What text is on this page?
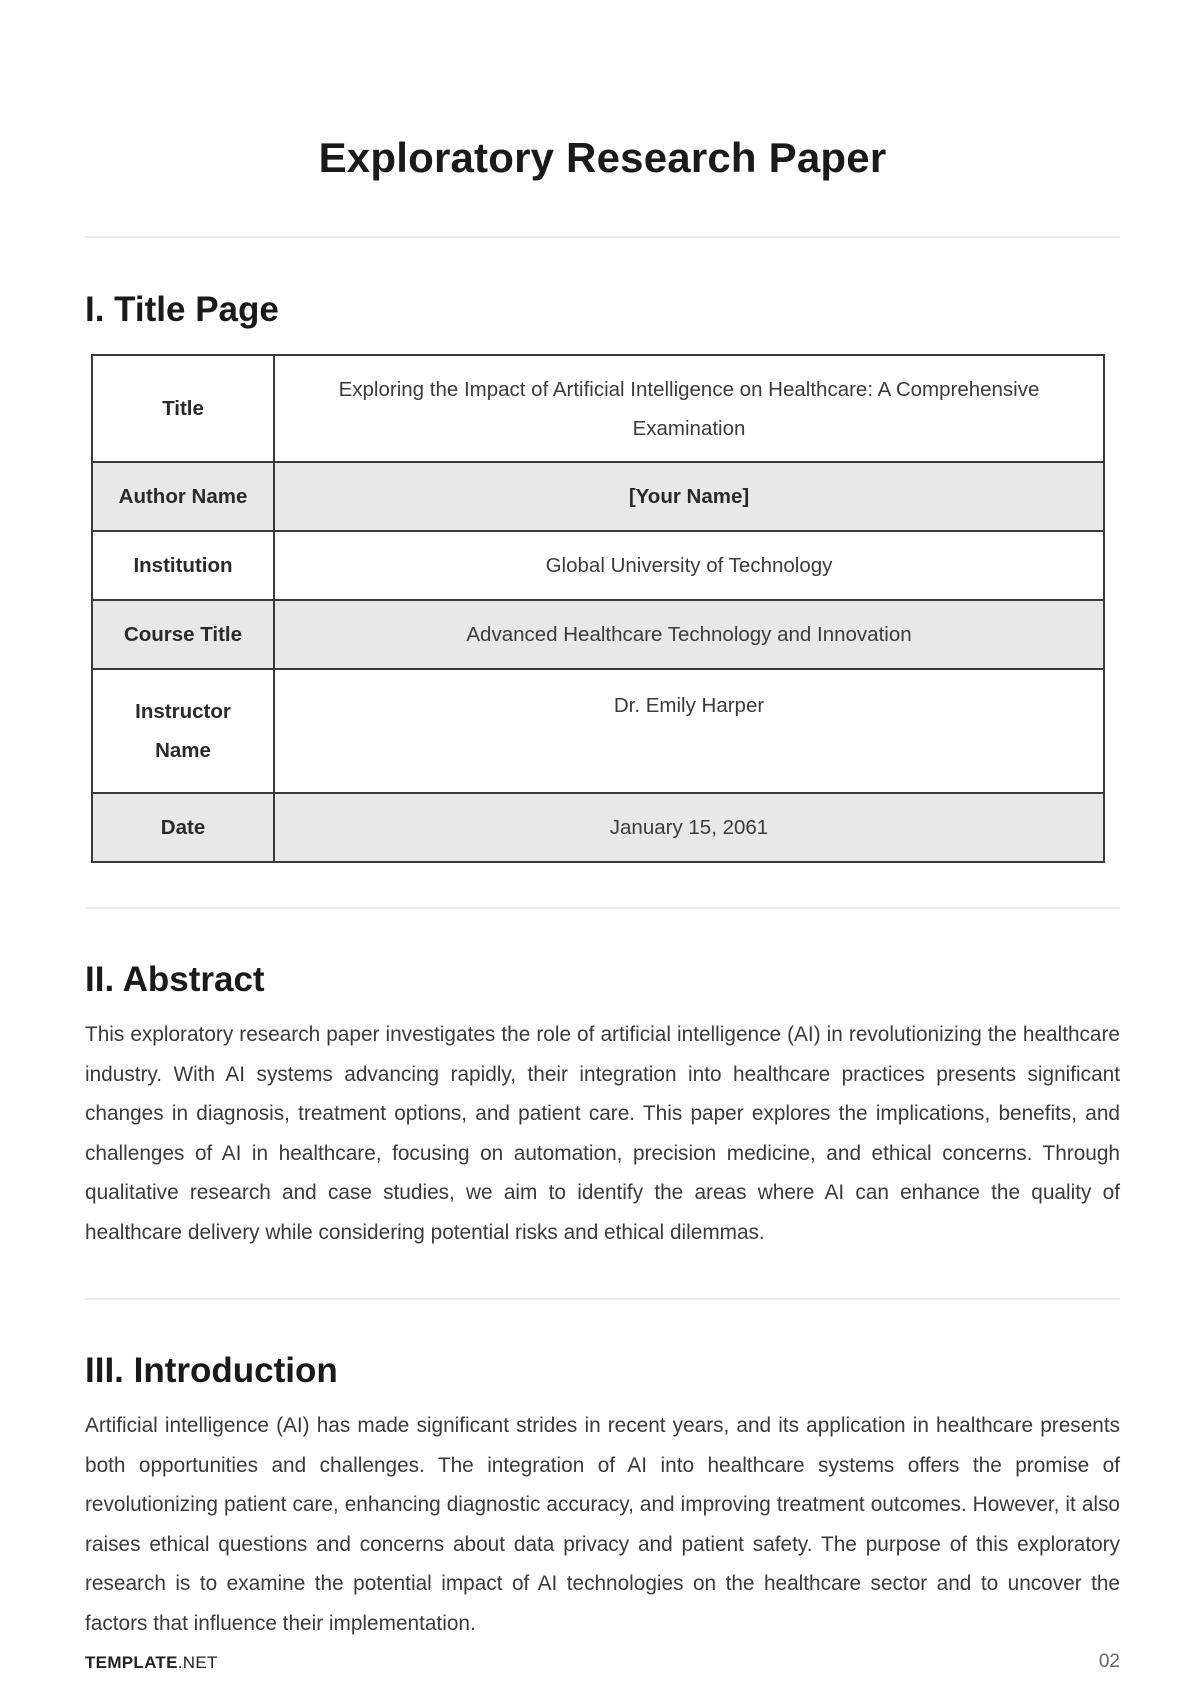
Exploratory Research Paper
I. Title Page
Title	Exploring the Impact of Artificial Intelligence on Healthcare: A Comprehensive Examination
Author Name	[Your Name]
Institution	Global University of Technology
Course Title	Advanced Healthcare Technology and Innovation
Instructor Name	Dr. Emily Harper
Date	January 15, 2061
II. Abstract

This exploratory research paper investigates the role of artificial intelligence (AI) in revolutionizing the healthcare industry. With AI systems advancing rapidly, their integration into healthcare practices presents significant changes in diagnosis, treatment options, and patient care. This paper explores the implications, benefits, and challenges of AI in healthcare, focusing on automation, precision medicine, and ethical concerns. Through qualitative research and case studies, we aim to identify the areas where AI can enhance the quality of healthcare delivery while considering potential risks and ethical dilemmas.

III. Introduction

Artificial intelligence (AI) has made significant strides in recent years, and its application in healthcare presents both opportunities and challenges. The integration of AI into healthcare systems offers the promise of revolutionizing patient care, enhancing diagnostic accuracy, and improving treatment outcomes. However, it also raises ethical questions and concerns about data privacy and patient safety. The purpose of this exploratory research is to examine the potential impact of AI technologies on the healthcare sector and to uncover the factors that influence their implementation.

TEMPLATE.NET	02
